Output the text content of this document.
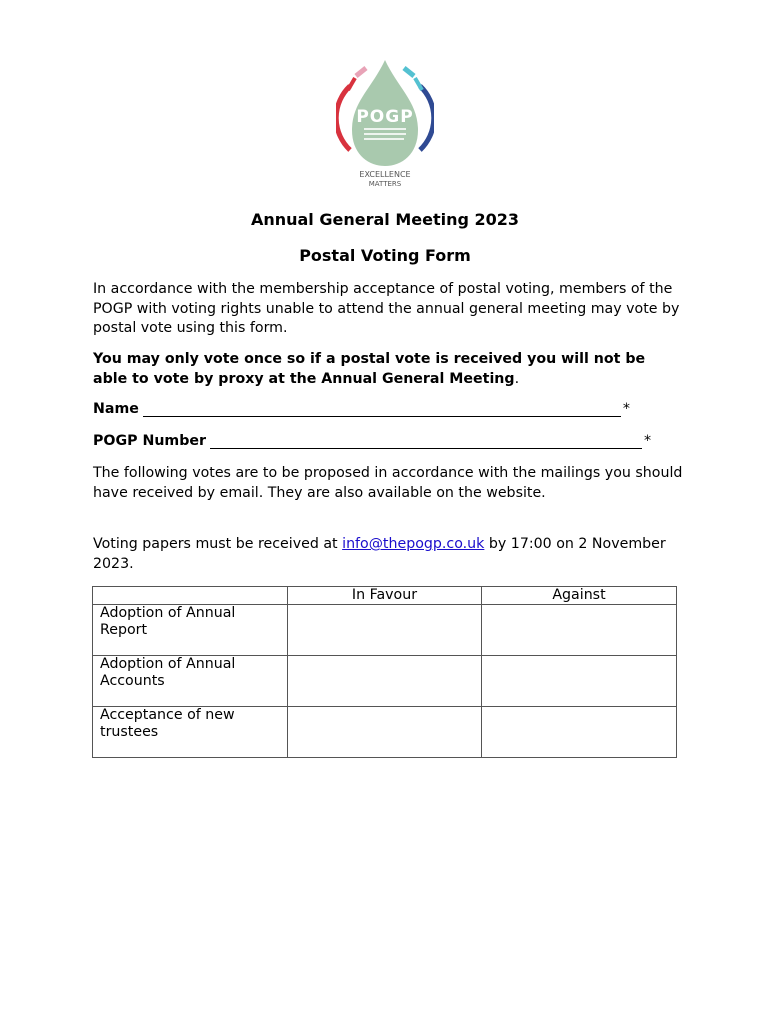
POGP
EXCELLENCE
MATTERS
Annual General Meeting 2023
Postal Voting Form
In accordance with the membership acceptance of postal voting, members of the POGP with voting rights unable to attend the annual general meeting may vote by postal vote using this form.
You may only vote once so if a postal vote is received you will not be able to vote by proxy at the Annual General Meeting.
Name	*
POGP Number	*
The following votes are to be proposed in accordance with the mailings you should have received by email. They are also available on the website.
Voting papers must be received at info@thepogp.co.uk by 17:00 on 2 November 2023.
	In Favour	Against
Adoption of Annual Report		
Adoption of Annual Accounts		
Acceptance of new trustees		
